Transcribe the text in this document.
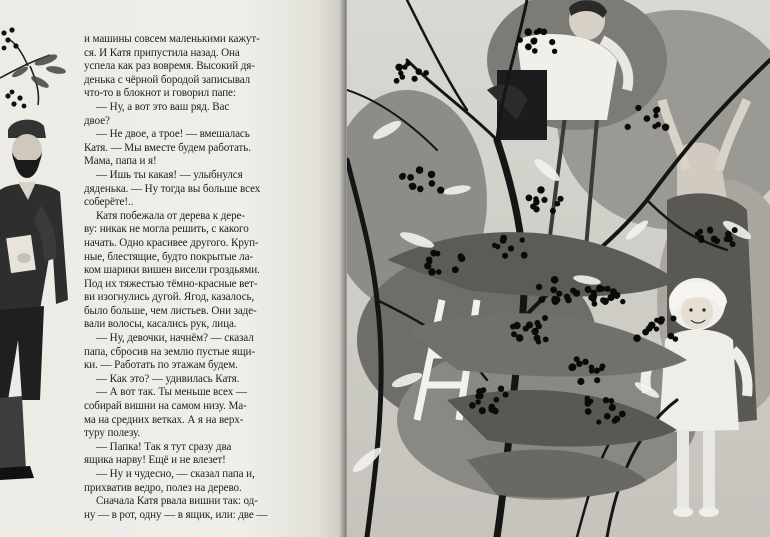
и машины совсем маленькими кажут-
ся. И Катя припустила назад. Она
успела как раз вовремя. Высокий дя-
денька с чёрной бородой записывал
что-то в блокнот и говорил папе:
— Ну, а вот это ваш ряд. Вас
двое?
— Не двое, а трое! — вмешалась
Катя. — Мы вместе будем работать.
Мама, папа и я!
— Ишь ты какая! — улыбнулся
дяденька. — Ну тогда вы больше всех
соберёте!..
Катя побежала от дерева к дере-
ву: никак не могла решить, с какого
начать. Одно красивее другого. Круп-
ные, блестящие, будто покрытые ла-
ком шарики вишен висели гроздьями.
Под их тяжестью тёмно-красные вет-
ви изогнулись дугой. Ягод, казалось,
было больше, чем листьев. Они заде-
вали волосы, касались рук, лица.
— Ну, девочки, начнём? — сказал
папа, сбросив на землю пустые ящи-
ки. — Работать по этажам будем.
— Как это? — удивилась Катя.
— А вот так. Ты меньше всех —
собирай вишни на самом низу. Ма-
ма на средних ветках. А я на верх-
туру полезу.
— Папка! Так я тут сразу два
ящика нарву! Ещё и не влезет!
— Ну и чудесно, — сказал папа и,
прихватив ведро, полез на дерево.
Сначала Катя рвала вишни так: од-
ну — в рот, одну — в ящик, или: две —
